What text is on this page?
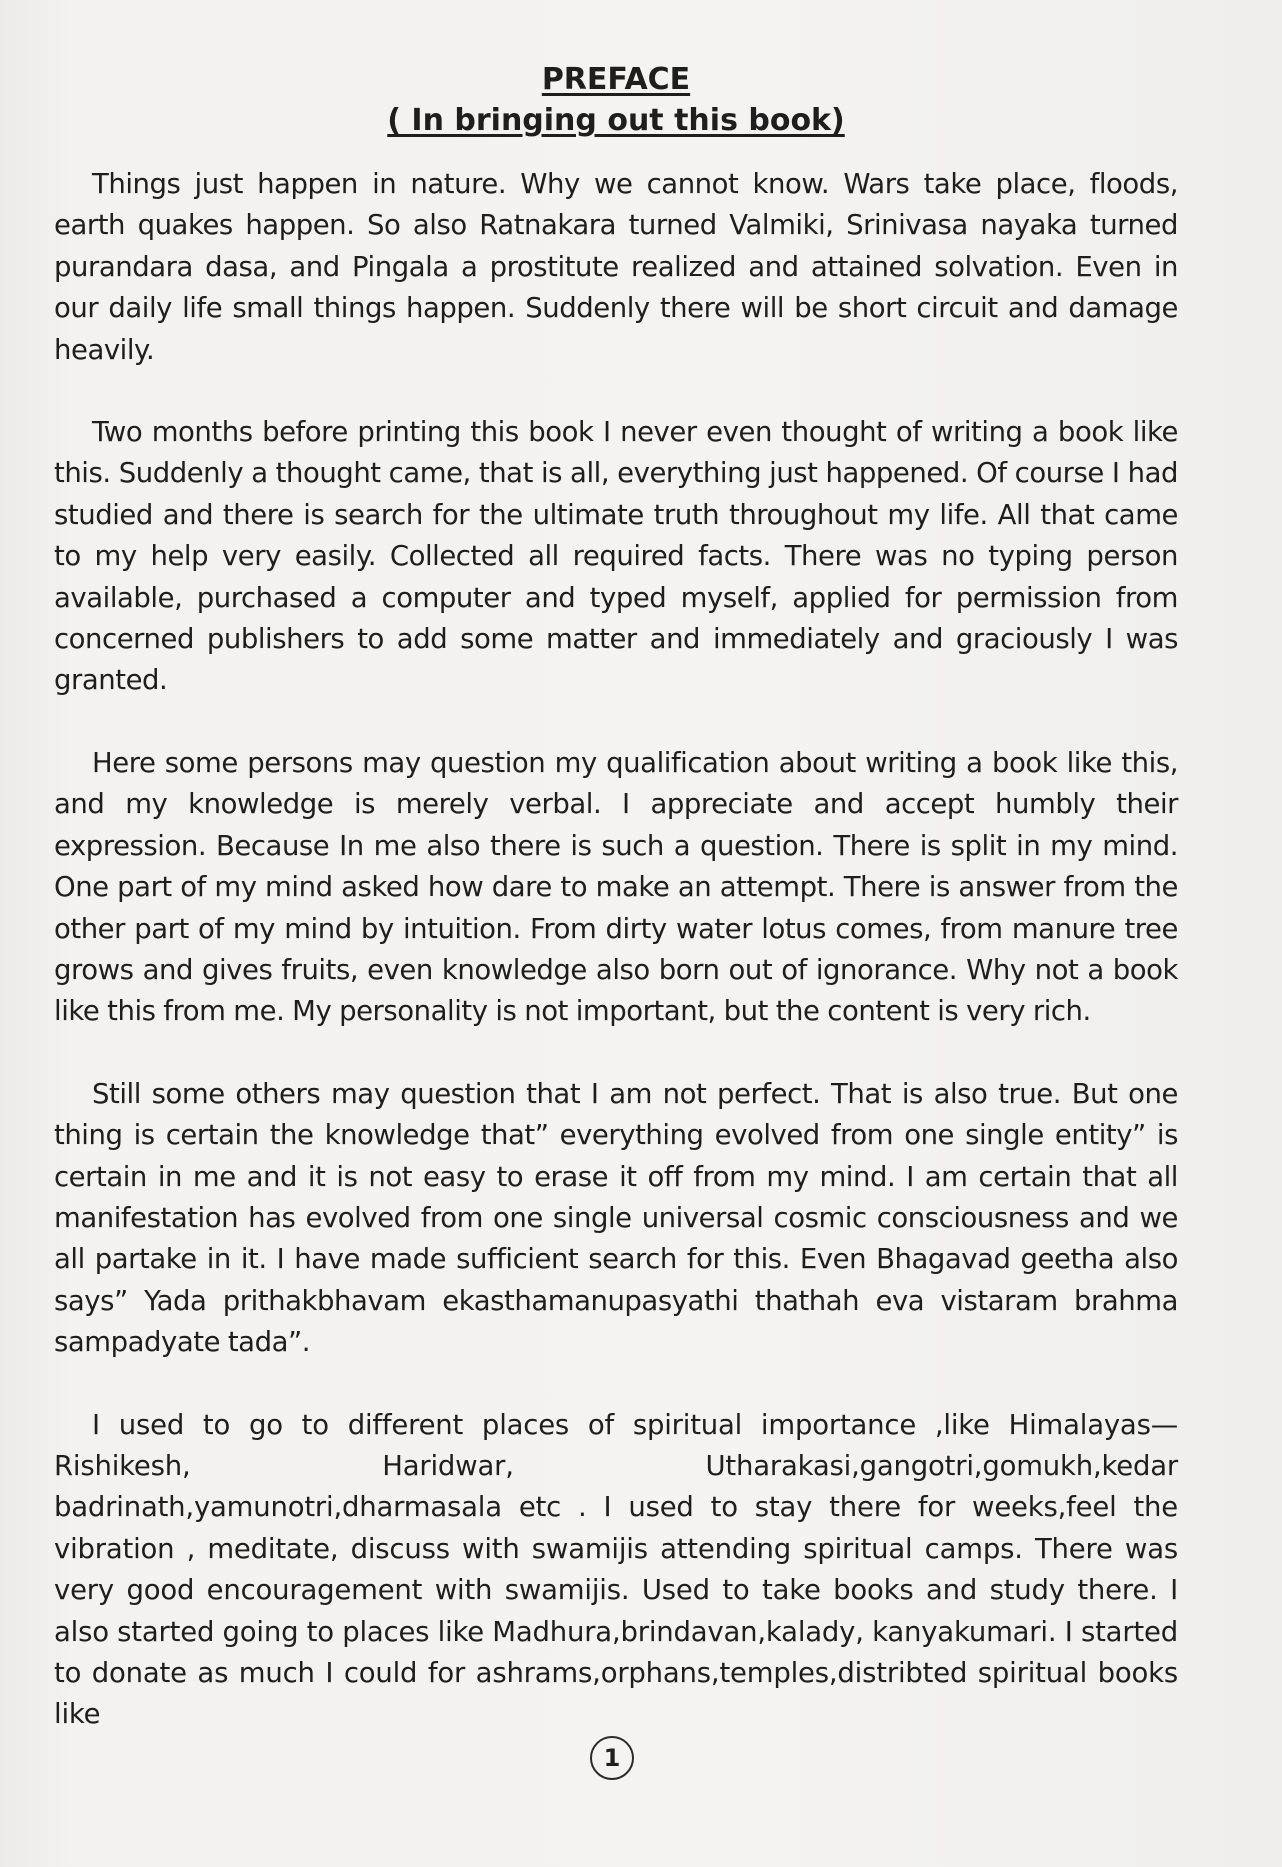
PREFACE
( In bringing out this book)

Things just happen in nature. Why we cannot know. Wars take place, floods, earth quakes happen. So also Ratnakara turned Valmiki, Srinivasa nayaka turned purandara dasa, and Pingala a prostitute realized and attained solvation. Even in our daily life small things happen. Suddenly there will be short circuit and damage heavily.

Two months before printing this book I never even thought of writing a book like this. Suddenly a thought came, that is all, everything just happened. Of course I had studied and there is search for the ultimate truth throughout my life. All that came to my help very easily. Collected all required facts. There was no typing person available, purchased a computer and typed myself, applied for permission from concerned publishers to add some matter and immediately and graciously I was granted.

Here some persons may question my qualification about writing a book like this, and my knowledge is merely verbal. I appreciate and accept humbly their expression. Because In me also there is such a question. There is split in my mind. One part of my mind asked how dare to make an attempt. There is answer from the other part of my mind by intuition. From dirty water lotus comes, from manure tree grows and gives fruits, even knowledge also born out of ignorance. Why not a book like this from me. My personality is not important, but the content is very rich.

Still some others may question that I am not perfect. That is also true. But one thing is certain the knowledge that” everything evolved from one single entity” is certain in me and it is not easy to erase it off from my mind. I am certain that all manifestation has evolved from one single universal cosmic consciousness and we all partake in it. I have made sufficient search for this. Even Bhagavad geetha also says” Yada prithakbhavam ekasthamanupasyathi thathah eva vistaram brahma sampadyate tada”.

I used to go to different places of spiritual importance ,like Himalayas—Rishikesh, Haridwar, Utharakasi,gangotri,gomukh,kedar badrinath,yamunotri,dharmasala etc . I used to stay there for weeks,feel the vibration , meditate, discuss with swamijis attending spiritual camps. There was very good encouragement with swamijis. Used to take books and study there. I also started going to places like Madhura,brindavan,kalady, kanyakumari. I started to donate as much I could for ashrams,orphans,temples,distribted spiritual books like

1
